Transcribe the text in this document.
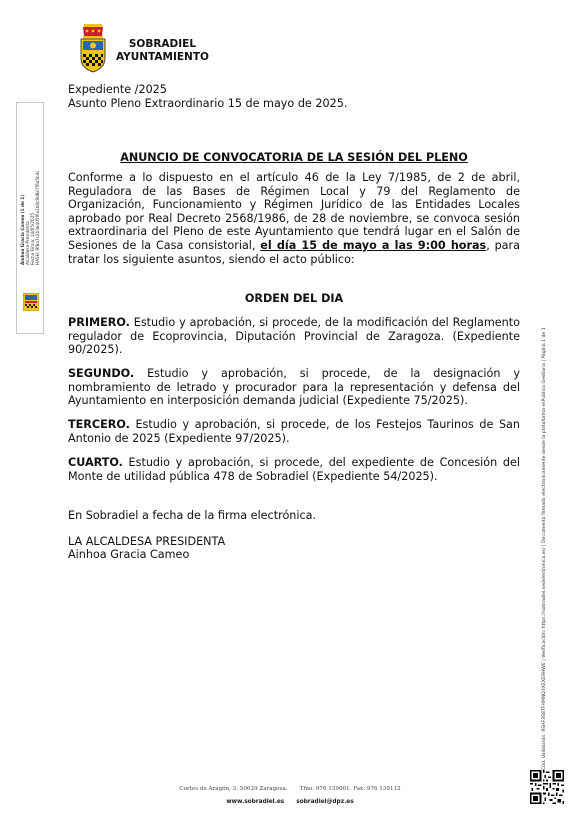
SOBRADIEL
AYUNTAMIENTO
Expediente /2025
Asunto Pleno Extraordinario 15 de mayo de 2025.
ANUNCIO DE CONVOCATORIA DE LA SESIÓN DEL PLENO
Conforme a lo dispuesto en el artículo 46 de la Ley 7/1985, de 2 de abril, Reguladora de las Bases de Régimen Local y 79 del Reglamento de Organización, Funcionamiento y Régimen Jurídico de las Entidades Locales aprobado por Real Decreto 2568/1986, de 28 de noviembre, se convoca sesión extraordinaria del Pleno de este Ayuntamiento que tendrá lugar en el Salón de Sesiones de la Casa consistorial, el día 15 de mayo a las 9:00 horas, para tratar los siguiente asuntos, siendo el acto público:
ORDEN DEL DIA
PRIMERO. Estudio y aprobación, si procede, de la modificación del Reglamento regulador de Ecoprovincia, Diputación Provincial de Zaragoza. (Expediente 90/2025).
SEGUNDO. Estudio y aprobación, si procede, de la designación y nombramiento de letrado y procurador para la representación y defensa del Ayuntamiento en interposición demanda judicial (Expediente 75/2025).
TERCERO. Estudio y aprobación, si procede, de los Festejos Taurinos de San Antonio de 2025 (Expediente 97/2025).
CUARTO. Estudio y aprobación, si procede, del expediente de Concesión del Monte de utilidad pública 478 de Sobradiel (Expediente 54/2025).
En Sobradiel a fecha de la firma electrónica.
LA ALCALDESA PRESIDENTA
Ainhoa Gracia Cameo
Ainhoa Gracia Cameo (1 de 1) Alcaldesa-Presidenta Fecha Firma: 14/05/2025 HASH: 9f8a7c2b3e4d5f6a1b0c9d8e7f6a5b4c
Cód. Validación: 9SHF3S8TFHMNQ3XEXE9HWE | Verificación: https://sobradiel.sedelectronica.es/ | Documento firmado electrónicamente desde la plataforma esPublico Gestiona | Página 1 de 1
Cortes de Aragón, 3. 50629 Zaragoza. Tfno. 976 139001. Fax: 976 139112
www.sobradiel.es sobradiel@dpz.es
